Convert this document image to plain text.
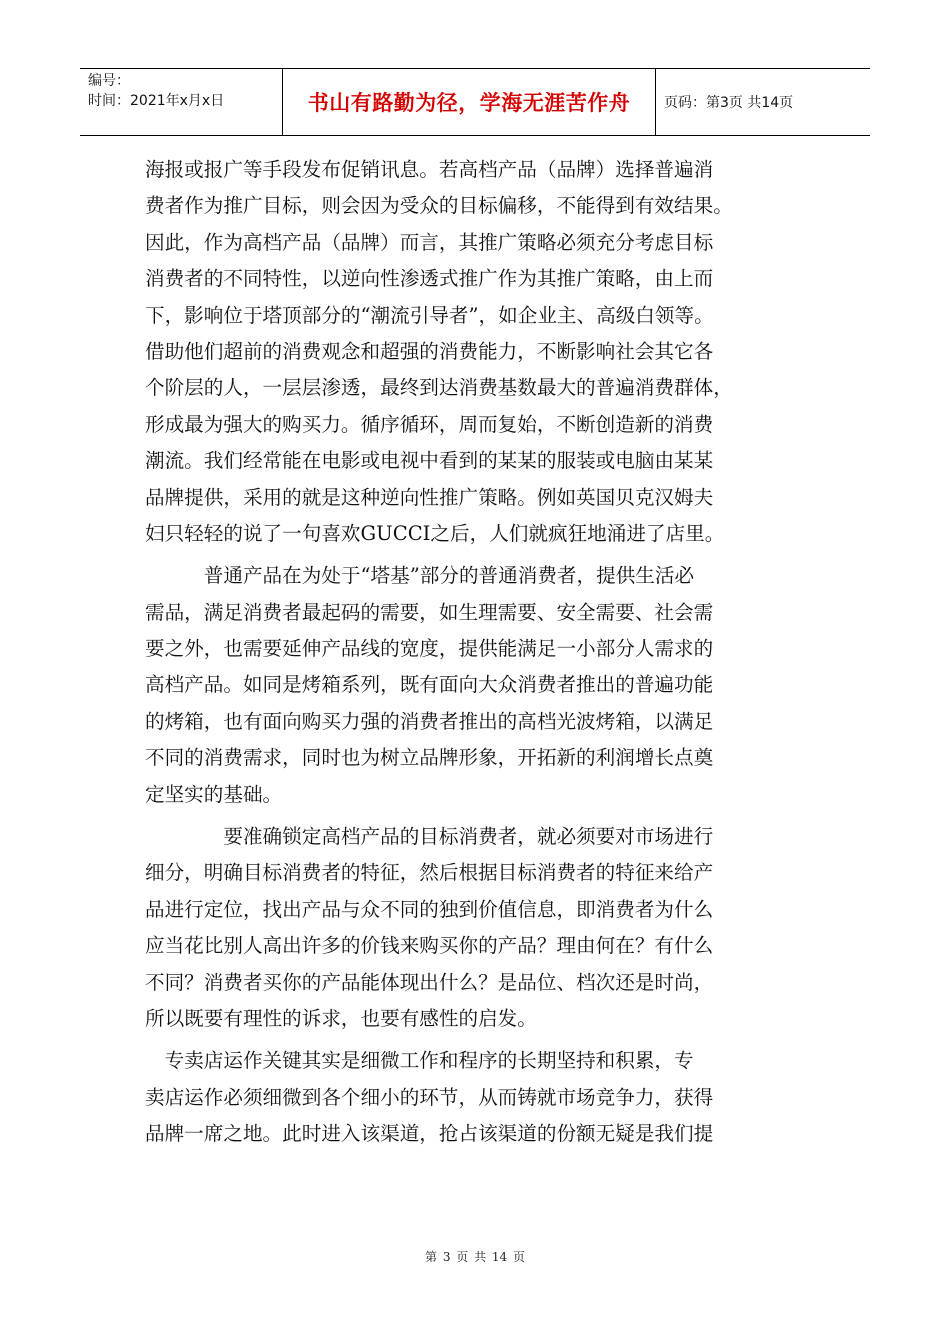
编号：
时间：2021年x月x日	书山有路勤为径，学海无涯苦作舟	页码：第3页 共14页
海报或报广等手段发布促销讯息。若高档产品（品牌）选择普遍消
费者作为推广目标，则会因为受众的目标偏移，不能得到有效结果。
因此，作为高档产品（品牌）而言，其推广策略必须充分考虑目标
消费者的不同特性，以逆向性渗透式推广作为其推广策略，由上而
下，影响位于塔顶部分的“潮流引导者”，如企业主、高级白领等。
借助他们超前的消费观念和超强的消费能力，不断影响社会其它各
个阶层的人，一层层渗透，最终到达消费基数最大的普遍消费群体，
形成最为强大的购买力。循序循环，周而复始，不断创造新的消费
潮流。我们经常能在电影或电视中看到的某某的服装或电脑由某某
品牌提供，采用的就是这种逆向性推广策略。例如英国贝克汉姆夫
妇只轻轻的说了一句喜欢GUCCI之后，人们就疯狂地涌进了店里。
　　　普通产品在为处于“塔基”部分的普通消费者，提供生活必
需品，满足消费者最起码的需要，如生理需要、安全需要、社会需
要之外，也需要延伸产品线的宽度，提供能满足一小部分人需求的
高档产品。如同是烤箱系列，既有面向大众消费者推出的普遍功能
的烤箱，也有面向购买力强的消费者推出的高档光波烤箱，以满足
不同的消费需求，同时也为树立品牌形象，开拓新的利润增长点奠
定坚实的基础。
　　　　要准确锁定高档产品的目标消费者，就必须要对市场进行
细分，明确目标消费者的特征，然后根据目标消费者的特征来给产
品进行定位，找出产品与众不同的独到价值信息，即消费者为什么
应当花比别人高出许多的价钱来购买你的产品？理由何在？有什么
不同？消费者买你的产品能体现出什么？是品位、档次还是时尚，
所以既要有理性的诉求，也要有感性的启发。
　专卖店运作关键其实是细微工作和程序的长期坚持和积累，专
卖店运作必须细微到各个细小的环节，从而铸就市场竞争力，获得
品牌一席之地。此时进入该渠道，抢占该渠道的份额无疑是我们提
第 3 页 共 14 页
